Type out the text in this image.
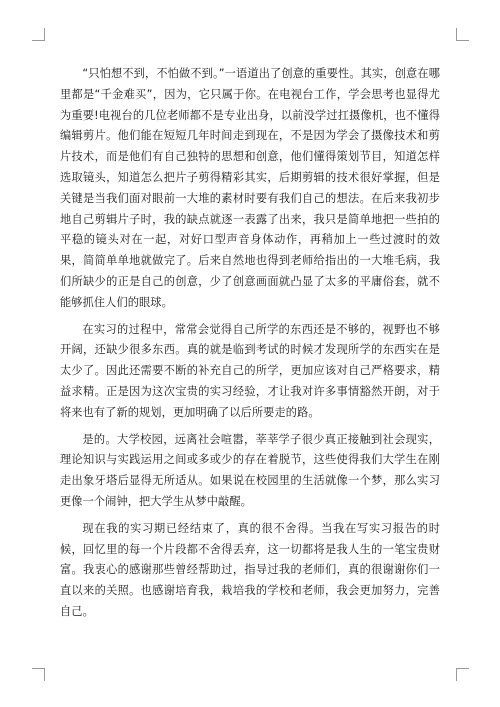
“只怕想不到，不怕做不到。”一语道出了创意的重要性。其实，创意在哪里都是“千金难买”，因为，它只属于你。在电视台工作，学会思考也显得尤为重要!电视台的几位老师都不是专业出身，以前没学过扛摄像机，也不懂得编辑剪片。他们能在短短几年时间走到现在，不是因为学会了摄像技术和剪片技术，而是他们有自己独特的思想和创意，他们懂得策划节目，知道怎样选取镜头，知道怎么把片子剪得精彩其实，后期剪辑的技术很好掌握，但是关键是当我们面对眼前一大堆的素材时要有我们自己的想法。在后来我初步地自己剪辑片子时，我的缺点就逐一表露了出来，我只是简单地把一些拍的平稳的镜头对在一起，对好口型声音身体动作，再稍加上一些过渡时的效果，简简单单地就做完了。后来自然地也得到老师给指出的一大堆毛病，我们所缺少的正是自己的创意，少了创意画面就凸显了太多的平庸俗套，就不能够抓住人们的眼球。

在实习的过程中，常常会觉得自己所学的东西还是不够的，视野也不够开阔，还缺少很多东西。真的就是临到考试的时候才发现所学的东西实在是太少了。因此还需要不断的补充自己的所学，更加应该对自己严格要求，精益求精。正是因为这次宝贵的实习经验，才让我对许多事情豁然开朗，对于将来也有了新的规划，更加明确了以后所要走的路。

是的。大学校园，远离社会喧嚣，莘莘学子很少真正接触到社会现实，理论知识与实践运用之间或多或少的存在着脱节，这些使得我们大学生在刚走出象牙塔后显得无所适从。如果说在校园里的生活就像一个梦，那么实习更像一个闹钟，把大学生从梦中敲醒。

现在我的实习期已经结束了，真的很不舍得。当我在写实习报告的时候，回忆里的每一个片段都不舍得丢弃，这一切都将是我人生的一笔宝贵财富。我衷心的感谢那些曾经帮助过，指导过我的老师们，真的很谢谢你们一直以来的关照。也感谢培育我，栽培我的学校和老师，我会更加努力，完善自己。
